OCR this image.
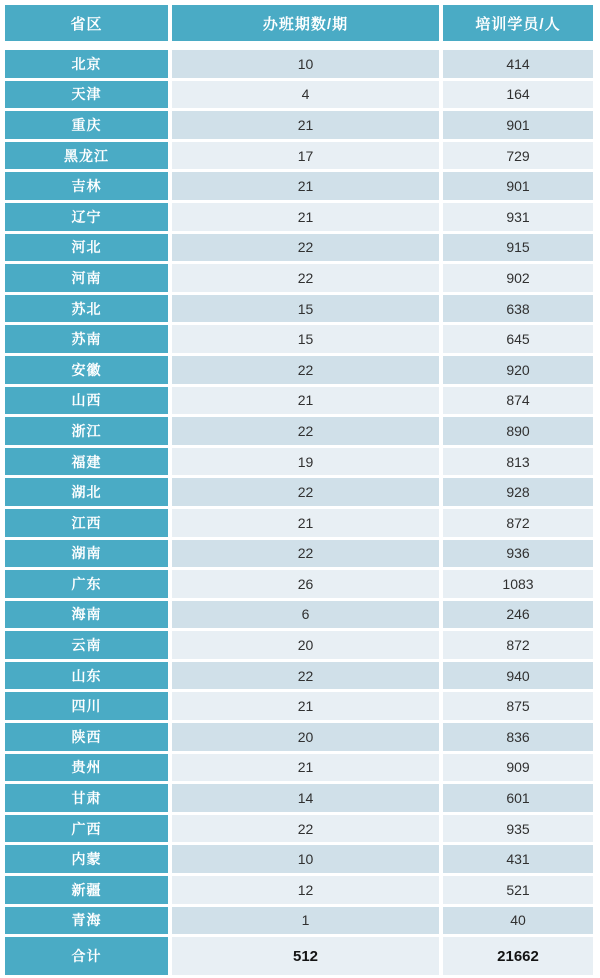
省区	办班期数/期	培训学员/人
北京	10	414
天津	4	164
重庆	21	901
黑龙江	17	729
吉林	21	901
辽宁	21	931
河北	22	915
河南	22	902
苏北	15	638
苏南	15	645
安徽	22	920
山西	21	874
浙江	22	890
福建	19	813
湖北	22	928
江西	21	872
湖南	22	936
广东	26	1083
海南	6	246
云南	20	872
山东	22	940
四川	21	875
陕西	20	836
贵州	21	909
甘肃	14	601
广西	22	935
内蒙	10	431
新疆	12	521
青海	1	40
合计	512	21662
